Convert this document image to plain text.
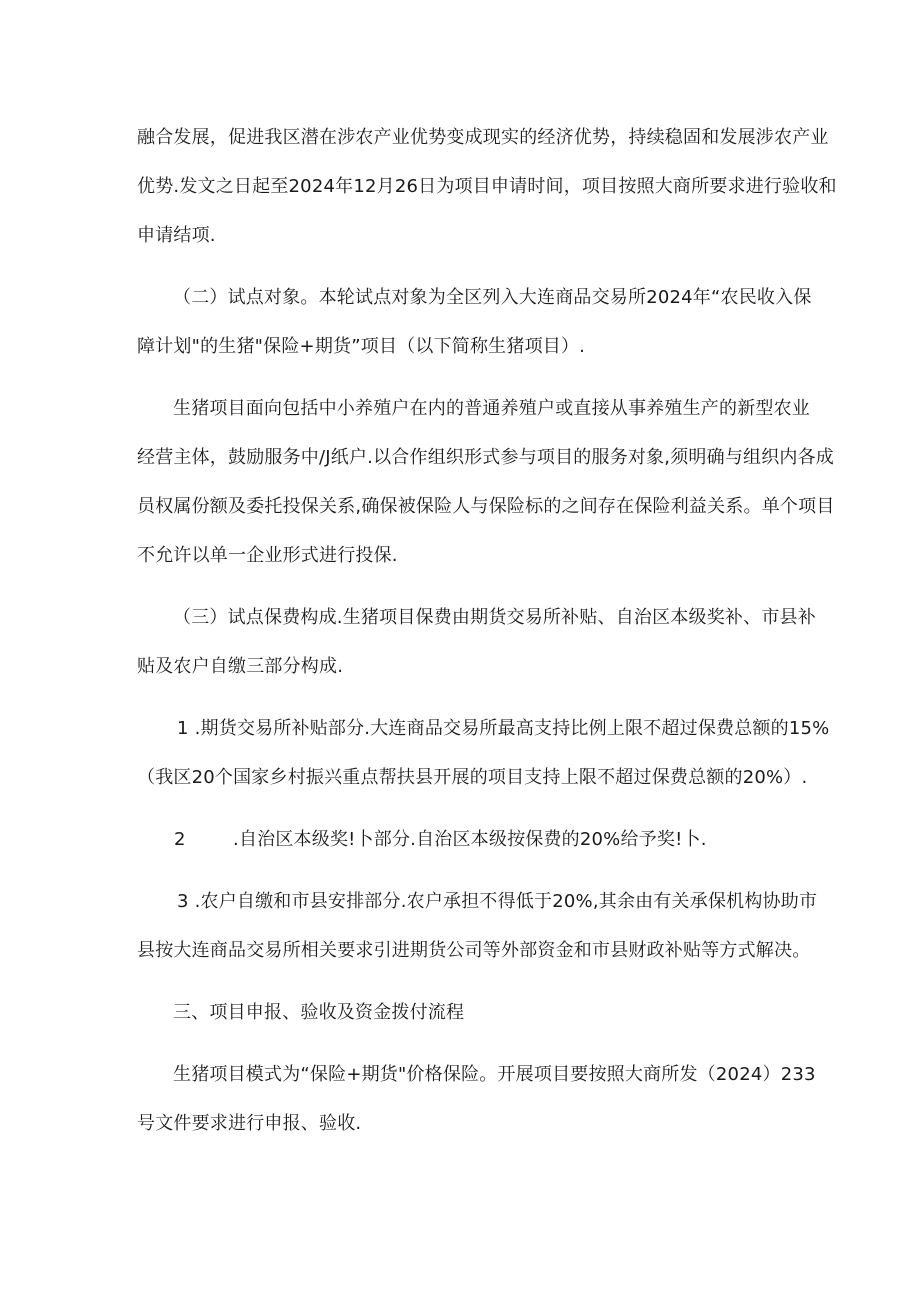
融合发展，促进我区潜在涉农产业优势变成现实的经济优势，持续稳固和发展涉农产业
优势.发文之日起至2024年12月26日为项目申请时间，项目按照大商所要求进行验收和
申请结项.
（二）试点对象。本轮试点对象为全区列入大连商品交易所2024年“农民收入保
障计划"的生猪"保险+期货”项目（以下简称生猪项目）.
生猪项目面向包括中小养殖户在内的普通养殖户或直接从事养殖生产的新型农业
经营主体，鼓励服务中/J纸户.以合作组织形式参与项目的服务对象,须明确与组织内各成
员权属份额及委托投保关系,确保被保险人与保险标的之间存在保险利益关系。单个项目
不允许以单一企业形式进行投保.
（三）试点保费构成.生猪项目保费由期货交易所补贴、自治区本级奖补、市县补
贴及农户自缴三部分构成.
1 .期货交易所补贴部分.大连商品交易所最高支持比例上限不超过保费总额的15%
（我区20个国家乡村振兴重点帮扶县开展的项目支持上限不超过保费总额的20%）.
2        .自治区本级奖!卜部分.自治区本级按保费的20%给予奖!卜.
3 .农户自缴和市县安排部分.农户承担不得低于20%,其余由有关承保机构协助市
县按大连商品交易所相关要求引进期货公司等外部资金和市县财政补贴等方式解决。
三、项目申报、验收及资金拨付流程
生猪项目模式为“保险+期货"价格保险。开展项目要按照大商所发（2024）233
号文件要求进行申报、验收.
